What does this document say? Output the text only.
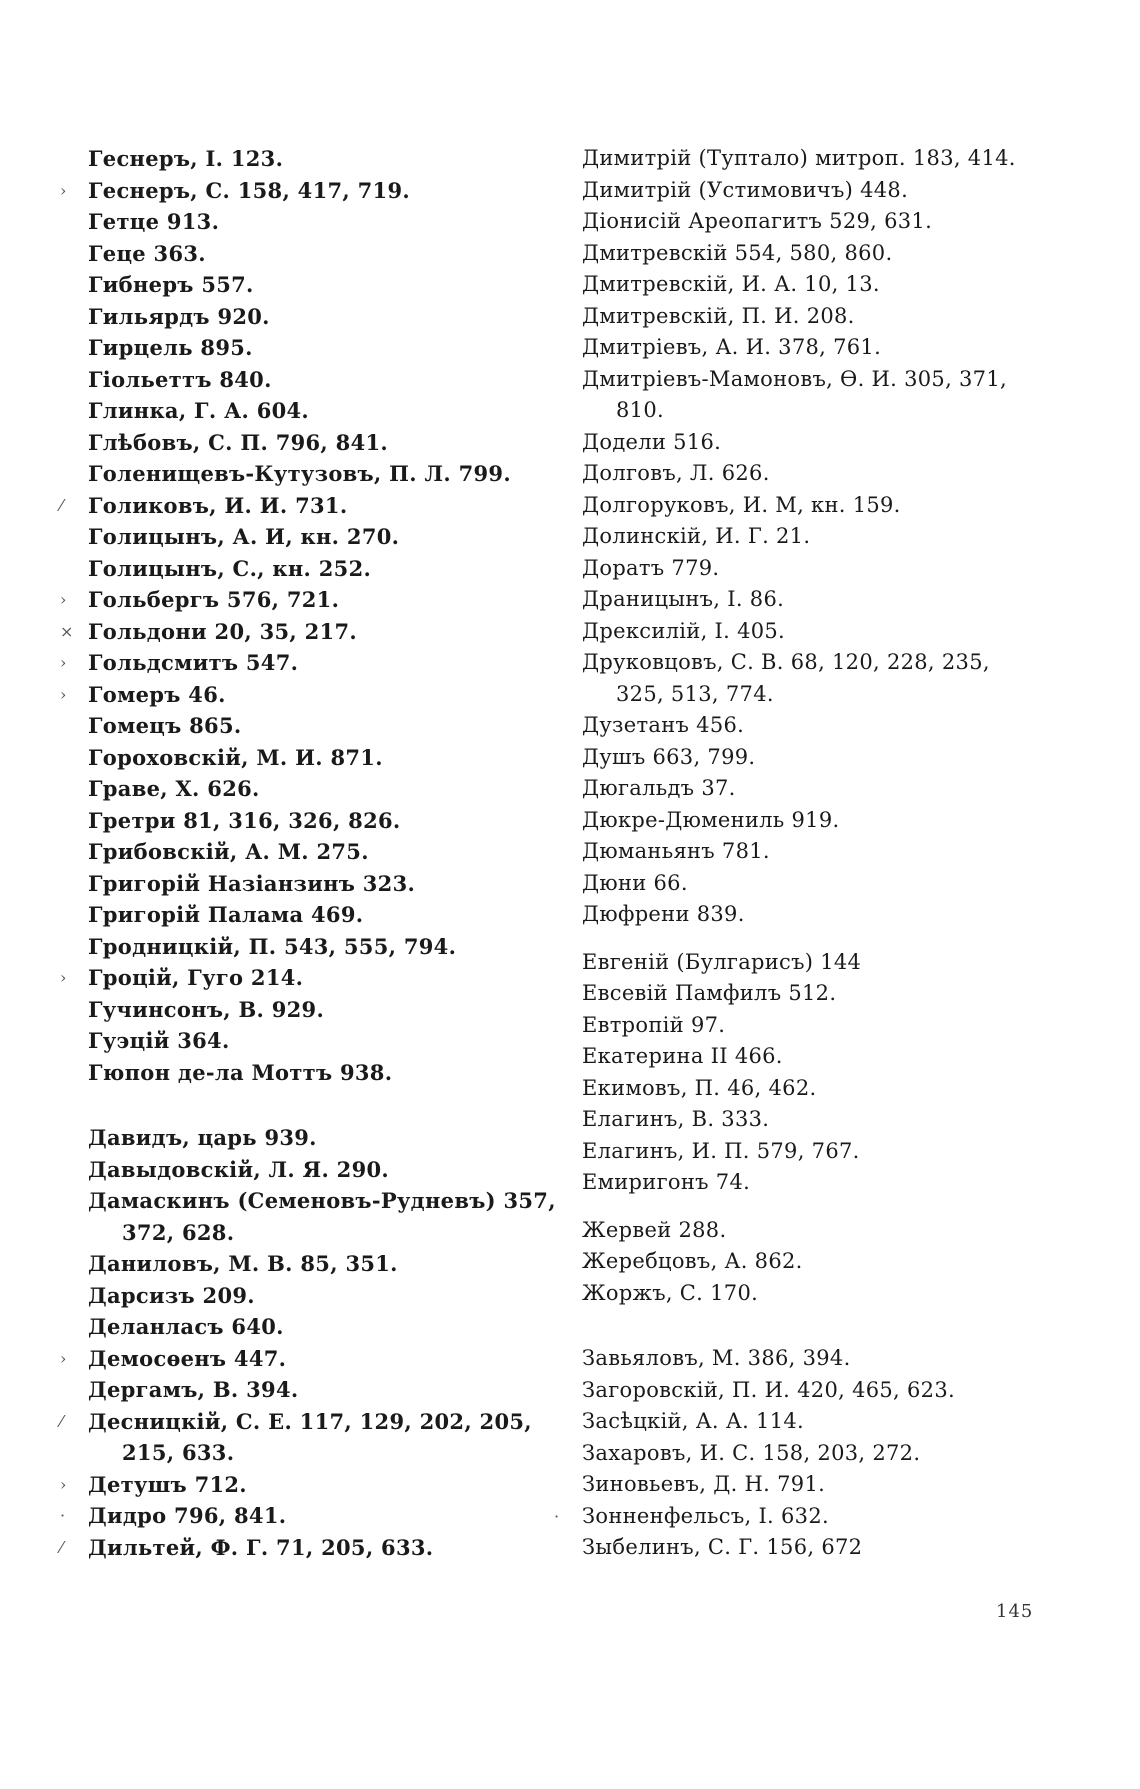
Геснеръ, І. 123.
› Геснеръ, С. 158, 417, 719.
Гетце 913.
Геце 363.
Гибнеръ 557.
Гильярдъ 920.
Гирцель 895.
Гіольеттъ 840.
Глинка, Г. А. 604.
Глѣбовъ, С. П. 796, 841.
Голенищевъ-Кутузовъ, П. Л. 799.
⁄ Голиковъ, И. И. 731.
Голицынъ, А. И, кн. 270.
Голицынъ, С., кн. 252.
› Гольбергъ 576, 721.
× Гольдони 20, 35, 217.
› Гольдсмитъ 547.
› Гомеръ 46.
Гомецъ 865.
Гороховскій, М. И. 871.
Граве, Х. 626.
Гретри 81, 316, 326, 826.
Грибовскій, А. М. 275.
Григорій Назіанзинъ 323.
Григорій Палама 469.
Гродницкій, П. 543, 555, 794.
› Гроцій, Гуго 214.
Гучинсонъ, В. 929.
Гуэцій 364.
Гюпон де-ла Моттъ 938.
Давидъ, царь 939.
Давыдовскій, Л. Я. 290.
Дамаскинъ (Семеновъ-Рудневъ) 357, 372, 628.
Даниловъ, М. В. 85, 351.
Дарсизъ 209.
Деланласъ 640.
› Демосѳенъ 447.
Дергамъ, В. 394.
⁄ Десницкій, С. Е. 117, 129, 202, 205, 215, 633.
› Детушъ 712.
· Дидро 796, 841.
⁄ Дильтей, Ф. Г. 71, 205, 633.
Димитрій (Туптало) митроп. 183, 414.
Димитрій (Устимовичъ) 448.
Діонисій Ареопагитъ 529, 631.
Дмитревскій 554, 580, 860.
Дмитревскій, И. А. 10, 13.
Дмитревскій, П. И. 208.
Дмитріевъ, А. И. 378, 761.
Дмитріевъ-Мамоновъ, Ѳ. И. 305, 371, 810.
Додели 516.
Долговъ, Л. 626.
Долгоруковъ, И. М, кн. 159.
Долинскій, И. Г. 21.
Доратъ 779.
Драницынъ, І. 86.
Дрексилій, І. 405.
Друковцовъ, С. В. 68, 120, 228, 235, 325, 513, 774.
Дузетанъ 456.
Душъ 663, 799.
Дюгальдъ 37.
Дюкре-Дюмениль 919.
Дюманьянъ 781.
Дюни 66.
Дюфрени 839.
Евгеній (Булгарисъ) 144
Евсевій Памфилъ 512.
Евтропій 97.
Екатерина II 466.
Екимовъ, П. 46, 462.
Елагинъ, В. 333.
Елагинъ, И. П. 579, 767.
Емиригонъ 74.
Жервей 288.
Жеребцовъ, А. 862.
Жоржъ, С. 170.
Завьяловъ, М. 386, 394.
Загоровскій, П. И. 420, 465, 623.
Засѣцкій, А. А. 114.
Захаровъ, И. С. 158, 203, 272.
Зиновьевъ, Д. Н. 791.
· Зонненфельсъ, І. 632.
Зыбелинъ, С. Г. 156, 672
145
